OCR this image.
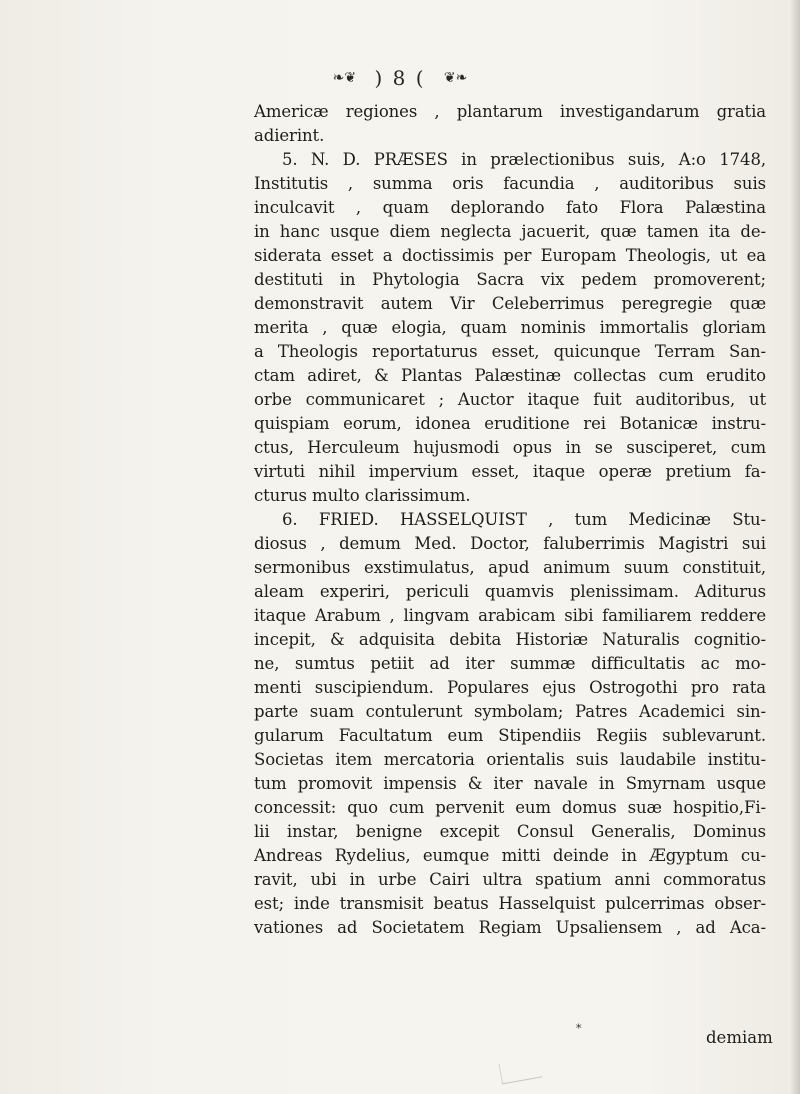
❧❦ ) 8 ( ❦❧
Americæ regiones , plantarum investigandarum gratia
adierint.
5. N. D. PRÆSES in prælectionibus suis, A:o 1748,
Institutis , summa oris facundia , auditoribus suis
inculcavit , quam deplorando fato Flora Palæstina
in hanc usque diem neglecta jacuerit, quæ tamen ita de-
siderata esset a doctissimis per Europam Theologis, ut ea
destituti in Phytologia Sacra vix pedem promoverent;
demonstravit autem Vir Celeberrimus peregregie quæ
merita , quæ elogia, quam nominis immortalis gloriam
a Theologis reportaturus esset, quicunque Terram San-
ctam adiret, & Plantas Palæstinæ collectas cum erudito
orbe communicaret ; Auctor itaque fuit auditoribus, ut
quispiam eorum, idonea eruditione rei Botanicæ instru-
ctus, Herculeum hujusmodi opus in se susciperet, cum
virtuti nihil impervium esset, itaque operæ pretium fa-
cturus multo clarissimum.
6. FRIED. HASSELQUIST , tum Medicinæ Stu-
diosus , demum Med. Doctor, faluberrimis Magistri sui
sermonibus exstimulatus, apud animum suum constituit,
aleam experiri, periculi quamvis plenissimam. Aditurus
itaque Arabum , lingvam arabicam sibi familiarem reddere
incepit, & adquisita debita Historiæ Naturalis cognitio-
ne, sumtus petiit ad iter summæ difficultatis ac mo-
menti suscipiendum. Populares ejus Ostrogothi pro rata
parte suam contulerunt symbolam; Patres Academici sin-
gularum Facultatum eum Stipendiis Regiis sublevarunt.
Societas item mercatoria orientalis suis laudabile institu-
tum promovit impensis & iter navale in Smyrnam usque
concessit: quo cum pervenit eum domus suæ hospitio,Fi-
lii instar, benigne excepit Consul Generalis, Dominus
Andreas Rydelius, eumque mitti deinde in Ægyptum cu-
ravit, ubi in urbe Cairi ultra spatium anni commoratus
est; inde transmisit beatus Hasselquist pulcerrimas obser-
vationes ad Societatem Regiam Upsaliensem , ad Aca-
*	demiam
